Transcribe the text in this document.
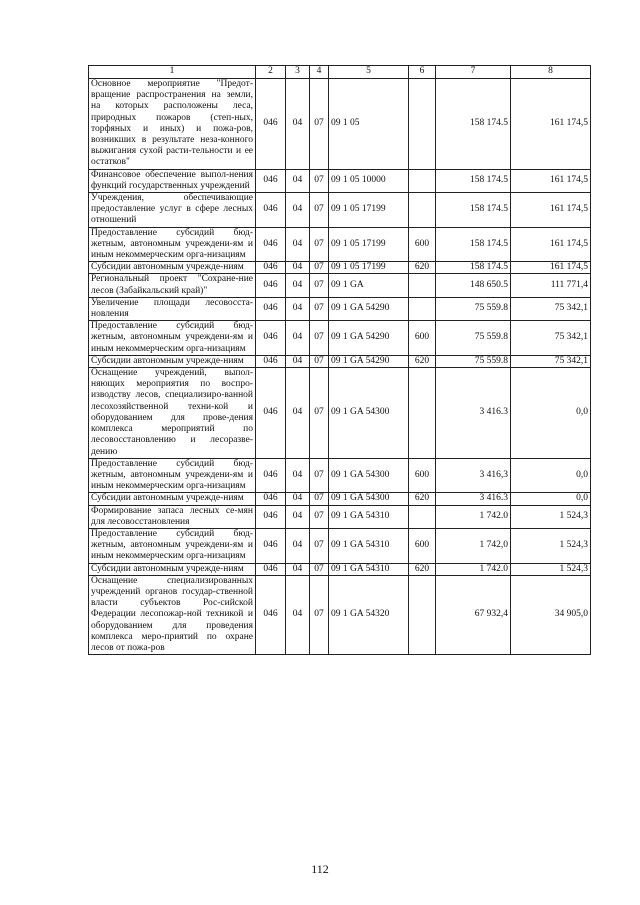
1	2	3	4	5	6	7	8
Основное мероприятие "Предот-вращение распространения на земли, на которых расположены леса, природных пожаров (степ-ных, торфяных и иных) и пожа-ров, возникших в результате неза-конного выжигания сухой расти-тельности и ее остатков"	046	04	07	09 1 05		158 174.5	161 174,5
Финансовое обеспечение выпол-нения функций государственных учреждений	046	04	07	09 1 05 10000		158 174.5	161 174,5
Учреждения, обеспечивающие предоставление услуг в сфере лесных отношений	046	04	07	09 1 05 17199		158 174.5	161 174,5
Предоставление субсидий бюд-жетным, автономным учреждени-ям и иным некоммерческим орга-низациям	046	04	07	09 1 05 17199	600	158 174.5	161 174,5
Субсидии автономным учрежде-ниям	046	04	07	09 1 05 17199	620	158 174.5	161 174,5
Региональный проект "Сохране-ние лесов (Забайкальский край)"	046	04	07	09 1 GA		148 650.5	111 771,4
Увеличение площади лесовосста-новления	046	04	07	09 1 GA 54290		75 559.8	75 342,1
Предоставление субсидий бюд-жетным, автономным учреждени-ям и иным некоммерческим орга-низациям	046	04	07	09 1 GA 54290	600	75 559.8	75 342,1
Субсидии автономным учрежде-ниям	046	04	07	09 1 GA 54290	620	75 559.8	75 342,1
Оснащение учреждений, выпол-няющих мероприятия по воспро-изводству лесов, специализиро-ванной лесохозяйственной техни-кой и оборудованием для прове-дения комплекса мероприятий по лесовосстановлению и лесоразве-дению	046	04	07	09 1 GA 54300		3 416.3	0,0
Предоставление субсидий бюд-жетным, автономным учреждени-ям и иным некоммерческим орга-низациям	046	04	07	09 1 GA 54300	600	3 416,3	0,0
Субсидии автономным учрежде-ниям	046	04	07	09 1 GA 54300	620	3 416.3	0,0
Формирование запаса лесных се-мян для лесовосстановления	046	04	07	09 1 GA 54310		1 742.0	1 524,3
Предоставление субсидий бюд-жетным, автономным учреждени-ям и иным некоммерческим орга-низациям	046	04	07	09 1 GA 54310	600	1 742,0	1 524,3
Субсидии автономным учрежде-ниям	046	04	07	09 1 GA 54310	620	1 742.0	1 524,3
Оснащение специализированных учреждений органов государ-ственной власти субъектов Рос-сийской Федерации лесопожар-ной техникой и оборудованием для проведения комплекса меро-приятий по охране лесов от пожа-ров	046	04	07	09 1 GA 54320		67 932,4	34 905,0
112
